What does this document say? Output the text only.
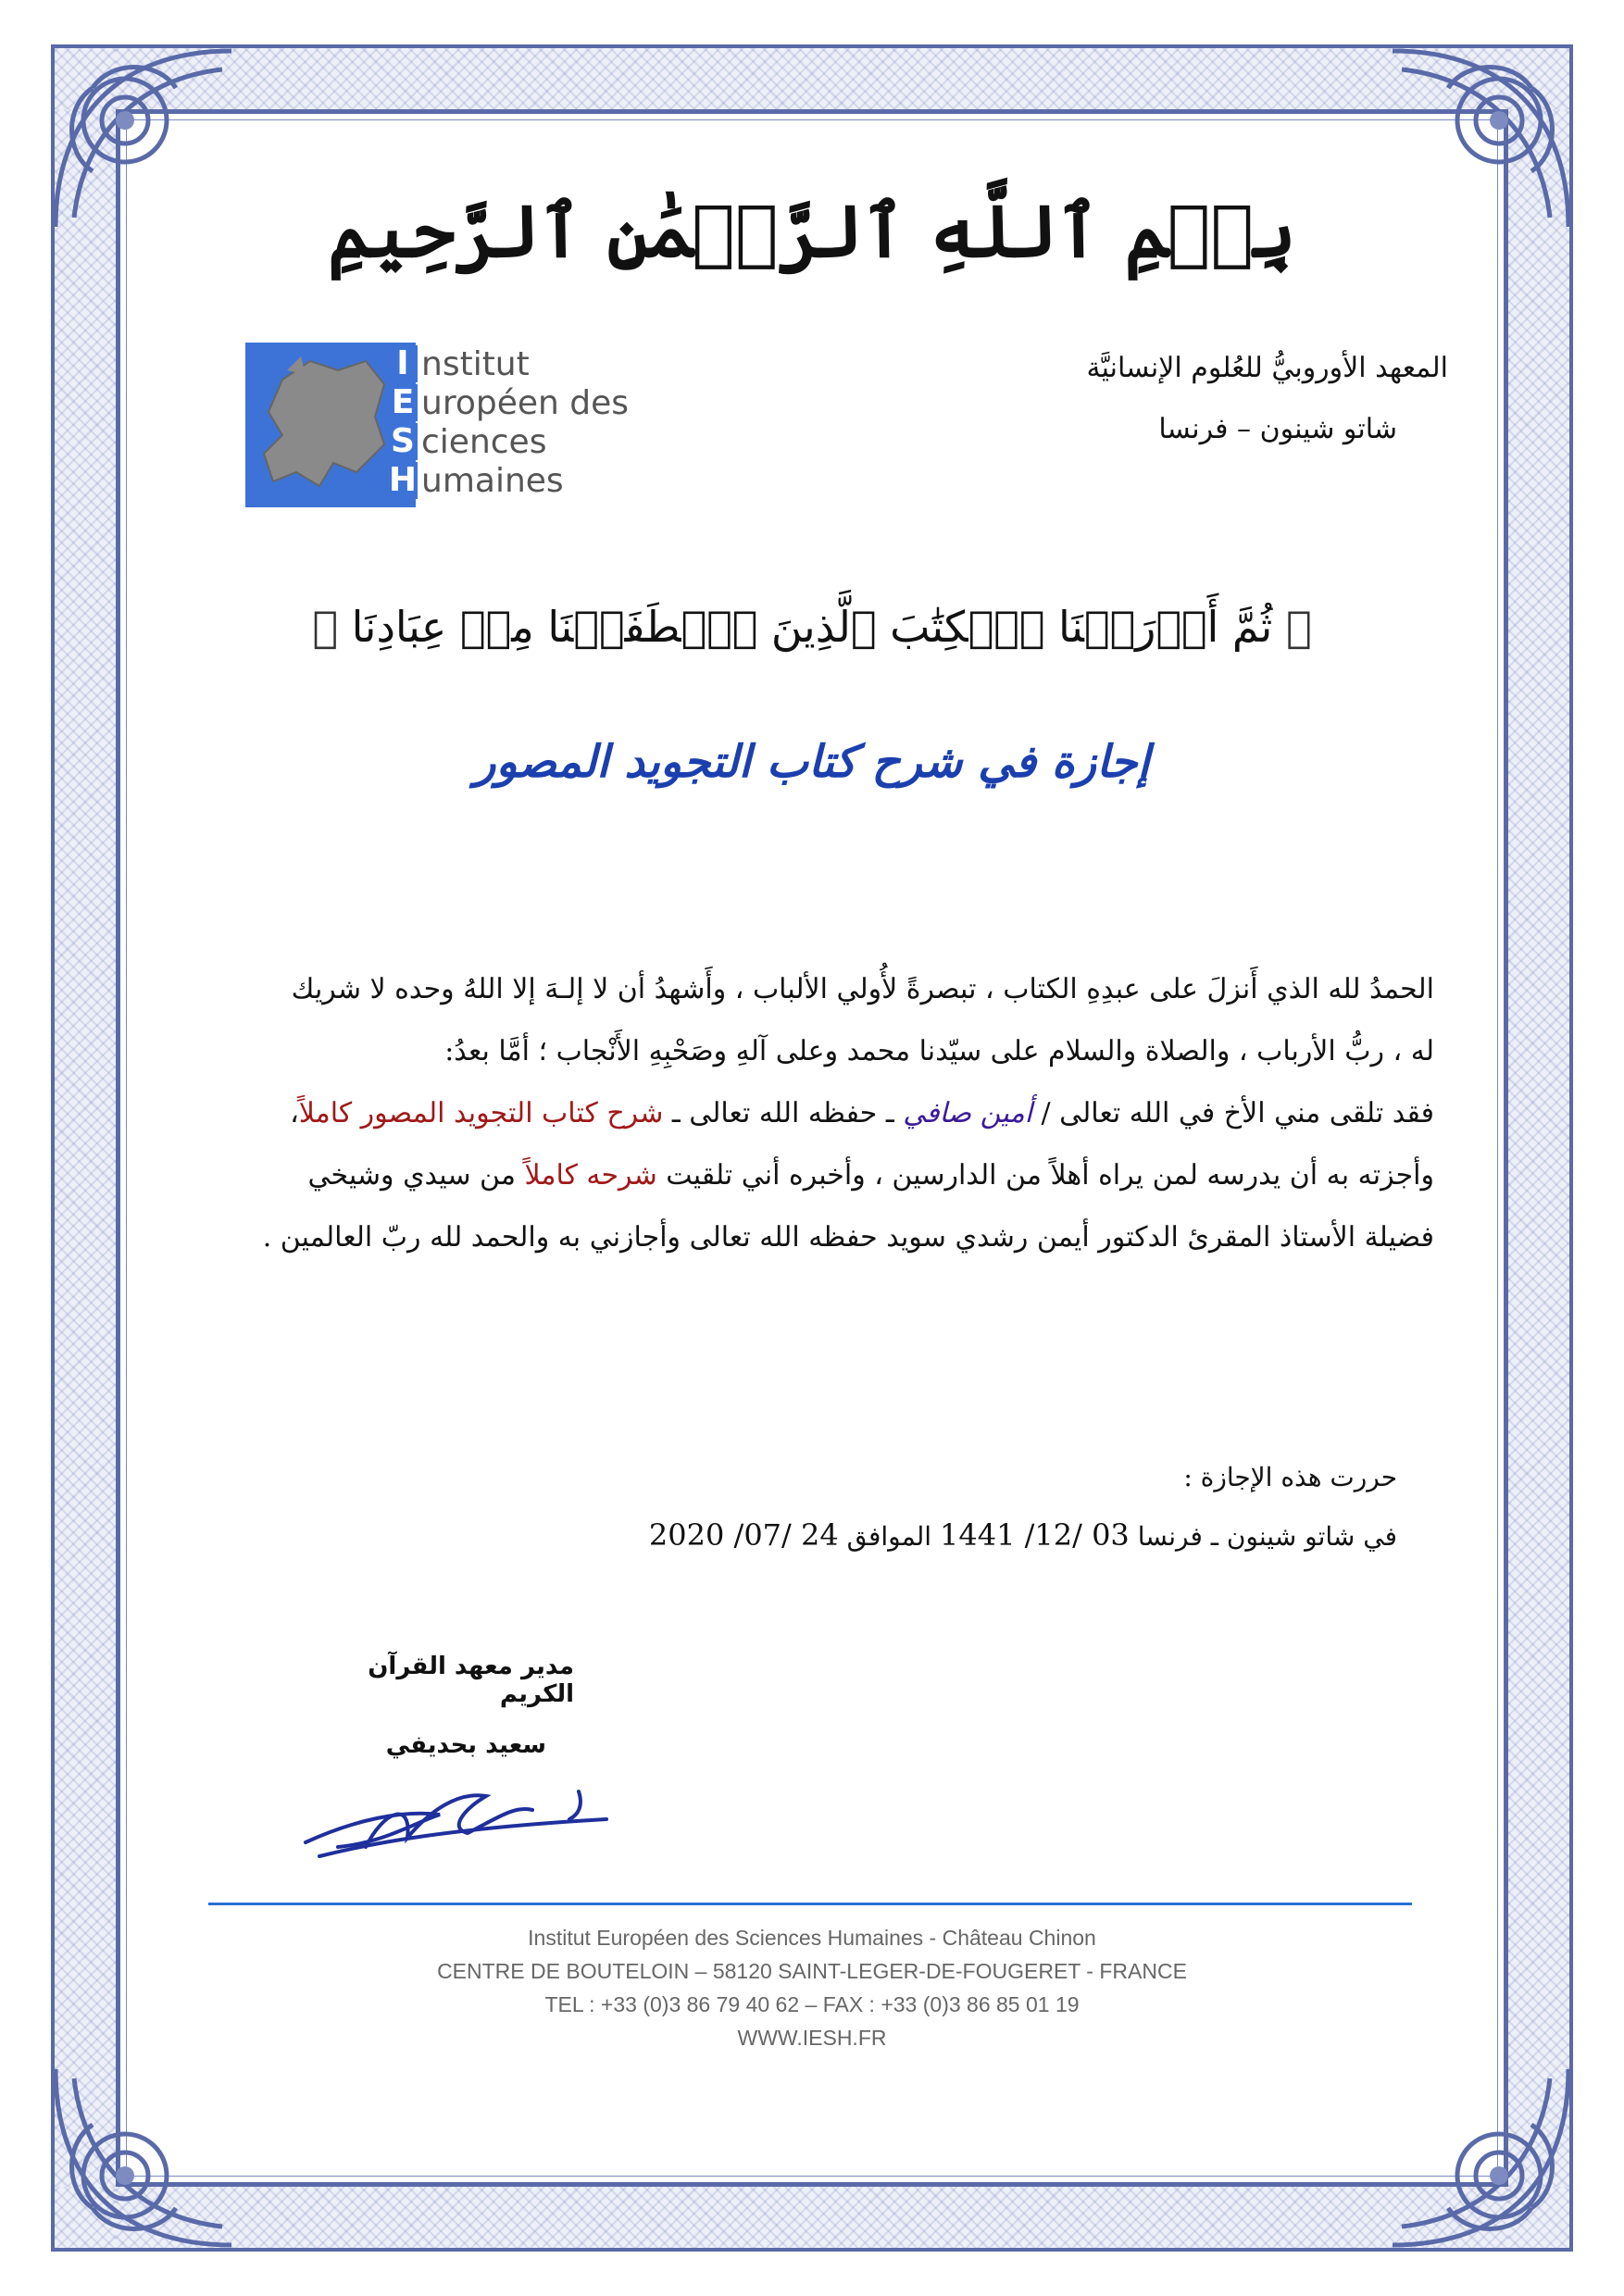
بِسۡمِ ٱللَّهِ ٱلرَّحۡمَٰنِ ٱلرَّحِيمِ
المعهد الأوروبيُّ للعُلوم الإنسانيَّة
شاتو شينون – فرنسا
I
E
S
H
nstitut
uropéen des
ciences
umaines
﴿ ثُمَّ أَوۡرَثۡنَا ٱلۡكِتَٰبَ ٱلَّذِينَ ٱصۡطَفَيۡنَا مِنۡ عِبَادِنَا ﴾
إجازة في شرح كتاب التجويد المصور

الحمدُ لله الذي أَنزلَ على عبدِهِ الكتاب ، تبصرةً لأُولي الألباب ، وأَشهدُ أن لا إلـهَ إلا اللهُ وحده لا شريك

له ، ربُّ الأرباب ، والصلاة والسلام على سيّدنا محمد وعلى آلهِ وصَحْبِهِ الأَنْجاب ؛ أمَّا بعدُ:

فقد تلقى مني الأخ في الله تعالى / أمين صافي ـ حفظه الله تعالى ـ شرح كتاب التجويد المصور كاملاً،

وأجزته به أن يدرسه لمن يراه أهلاً من الدارسين ، وأخبره أني تلقيت شرحه كاملاً من سيدي وشيخي

فضيلة الأستاذ المقرئ الدكتور أيمن رشدي سويد حفظه الله تعالى وأجازني به والحمد لله ربّ العالمين .

حررت هذه الإجازة :
في شاتو شينون ـ فرنسا 03 /12/ 1441 الموافق 24 /07/ 2020
مدير معهد القرآن الكريم
سعيد بحديفي
Institut Européen des Sciences Humaines - Château Chinon
CENTRE DE BOUTELOIN – 58120 SAINT-LEGER-DE-FOUGERET - FRANCE
TEL : +33 (0)3 86 79 40 62 – FAX : +33 (0)3 86 85 01 19
WWW.IESH.FR
